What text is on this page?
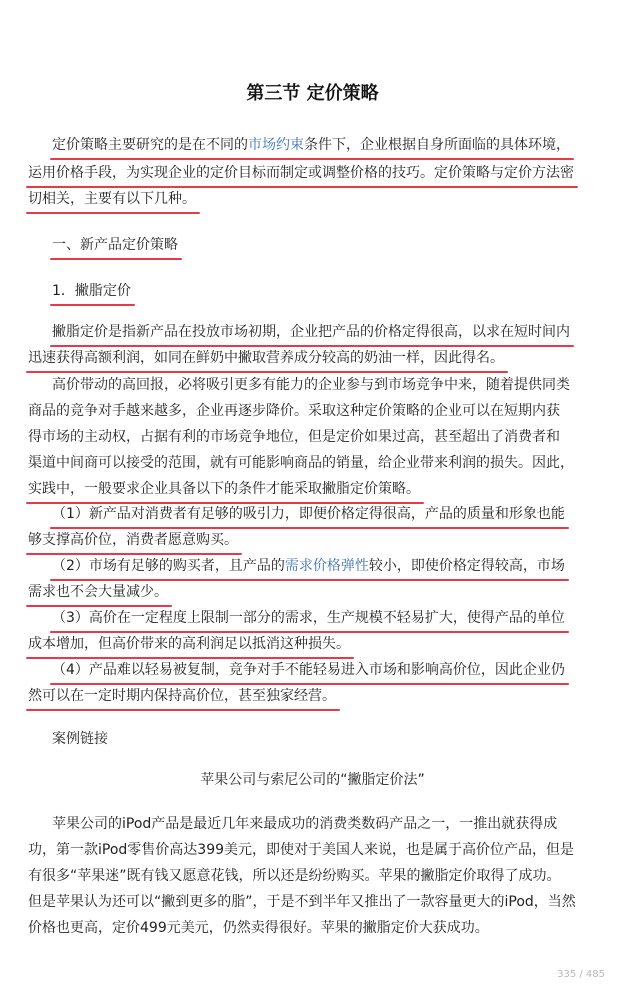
第三节 定价策略
定价策略主要研究的是在不同的市场约束条件下，企业根据自身所面临的具体环境，
运用价格手段，为实现企业的定价目标而制定或调整价格的技巧。定价策略与定价方法密
切相关，主要有以下几种。
一、新产品定价策略
1．撇脂定价
撇脂定价是指新产品在投放市场初期，企业把产品的价格定得很高，以求在短时间内
迅速获得高额利润，如同在鲜奶中撇取营养成分较高的奶油一样，因此得名。
高价带动的高回报，必将吸引更多有能力的企业参与到市场竞争中来，随着提供同类
商品的竞争对手越来越多，企业再逐步降价。采取这种定价策略的企业可以在短期内获
得市场的主动权，占据有利的市场竞争地位，但是定价如果过高，甚至超出了消费者和
渠道中间商可以接受的范围，就有可能影响商品的销量，给企业带来利润的损失。因此，
实践中，一般要求企业具备以下的条件才能采取撇脂定价策略。
（1）新产品对消费者有足够的吸引力，即便价格定得很高，产品的质量和形象也能
够支撑高价位，消费者愿意购买。
（2）市场有足够的购买者，且产品的需求价格弹性较小，即使价格定得较高，市场
需求也不会大量减少。
（3）高价在一定程度上限制一部分的需求，生产规模不轻易扩大，使得产品的单位
成本增加，但高价带来的高利润足以抵消这种损失。
（4）产品难以轻易被复制，竞争对手不能轻易进入市场和影响高价位，因此企业仍
然可以在一定时期内保持高价位，甚至独家经营。
案例链接
苹果公司与索尼公司的“撇脂定价法”
苹果公司的iPod产品是最近几年来最成功的消费类数码产品之一，一推出就获得成
功，第一款iPod零售价高达399美元，即使对于美国人来说，也是属于高价位产品，但是
有很多“苹果迷”既有钱又愿意花钱，所以还是纷纷购买。苹果的撇脂定价取得了成功。
但是苹果认为还可以“撇到更多的脂”，于是不到半年又推出了一款容量更大的iPod，当然
价格也更高，定价499元美元，仍然卖得很好。苹果的撇脂定价大获成功。
335 / 485
